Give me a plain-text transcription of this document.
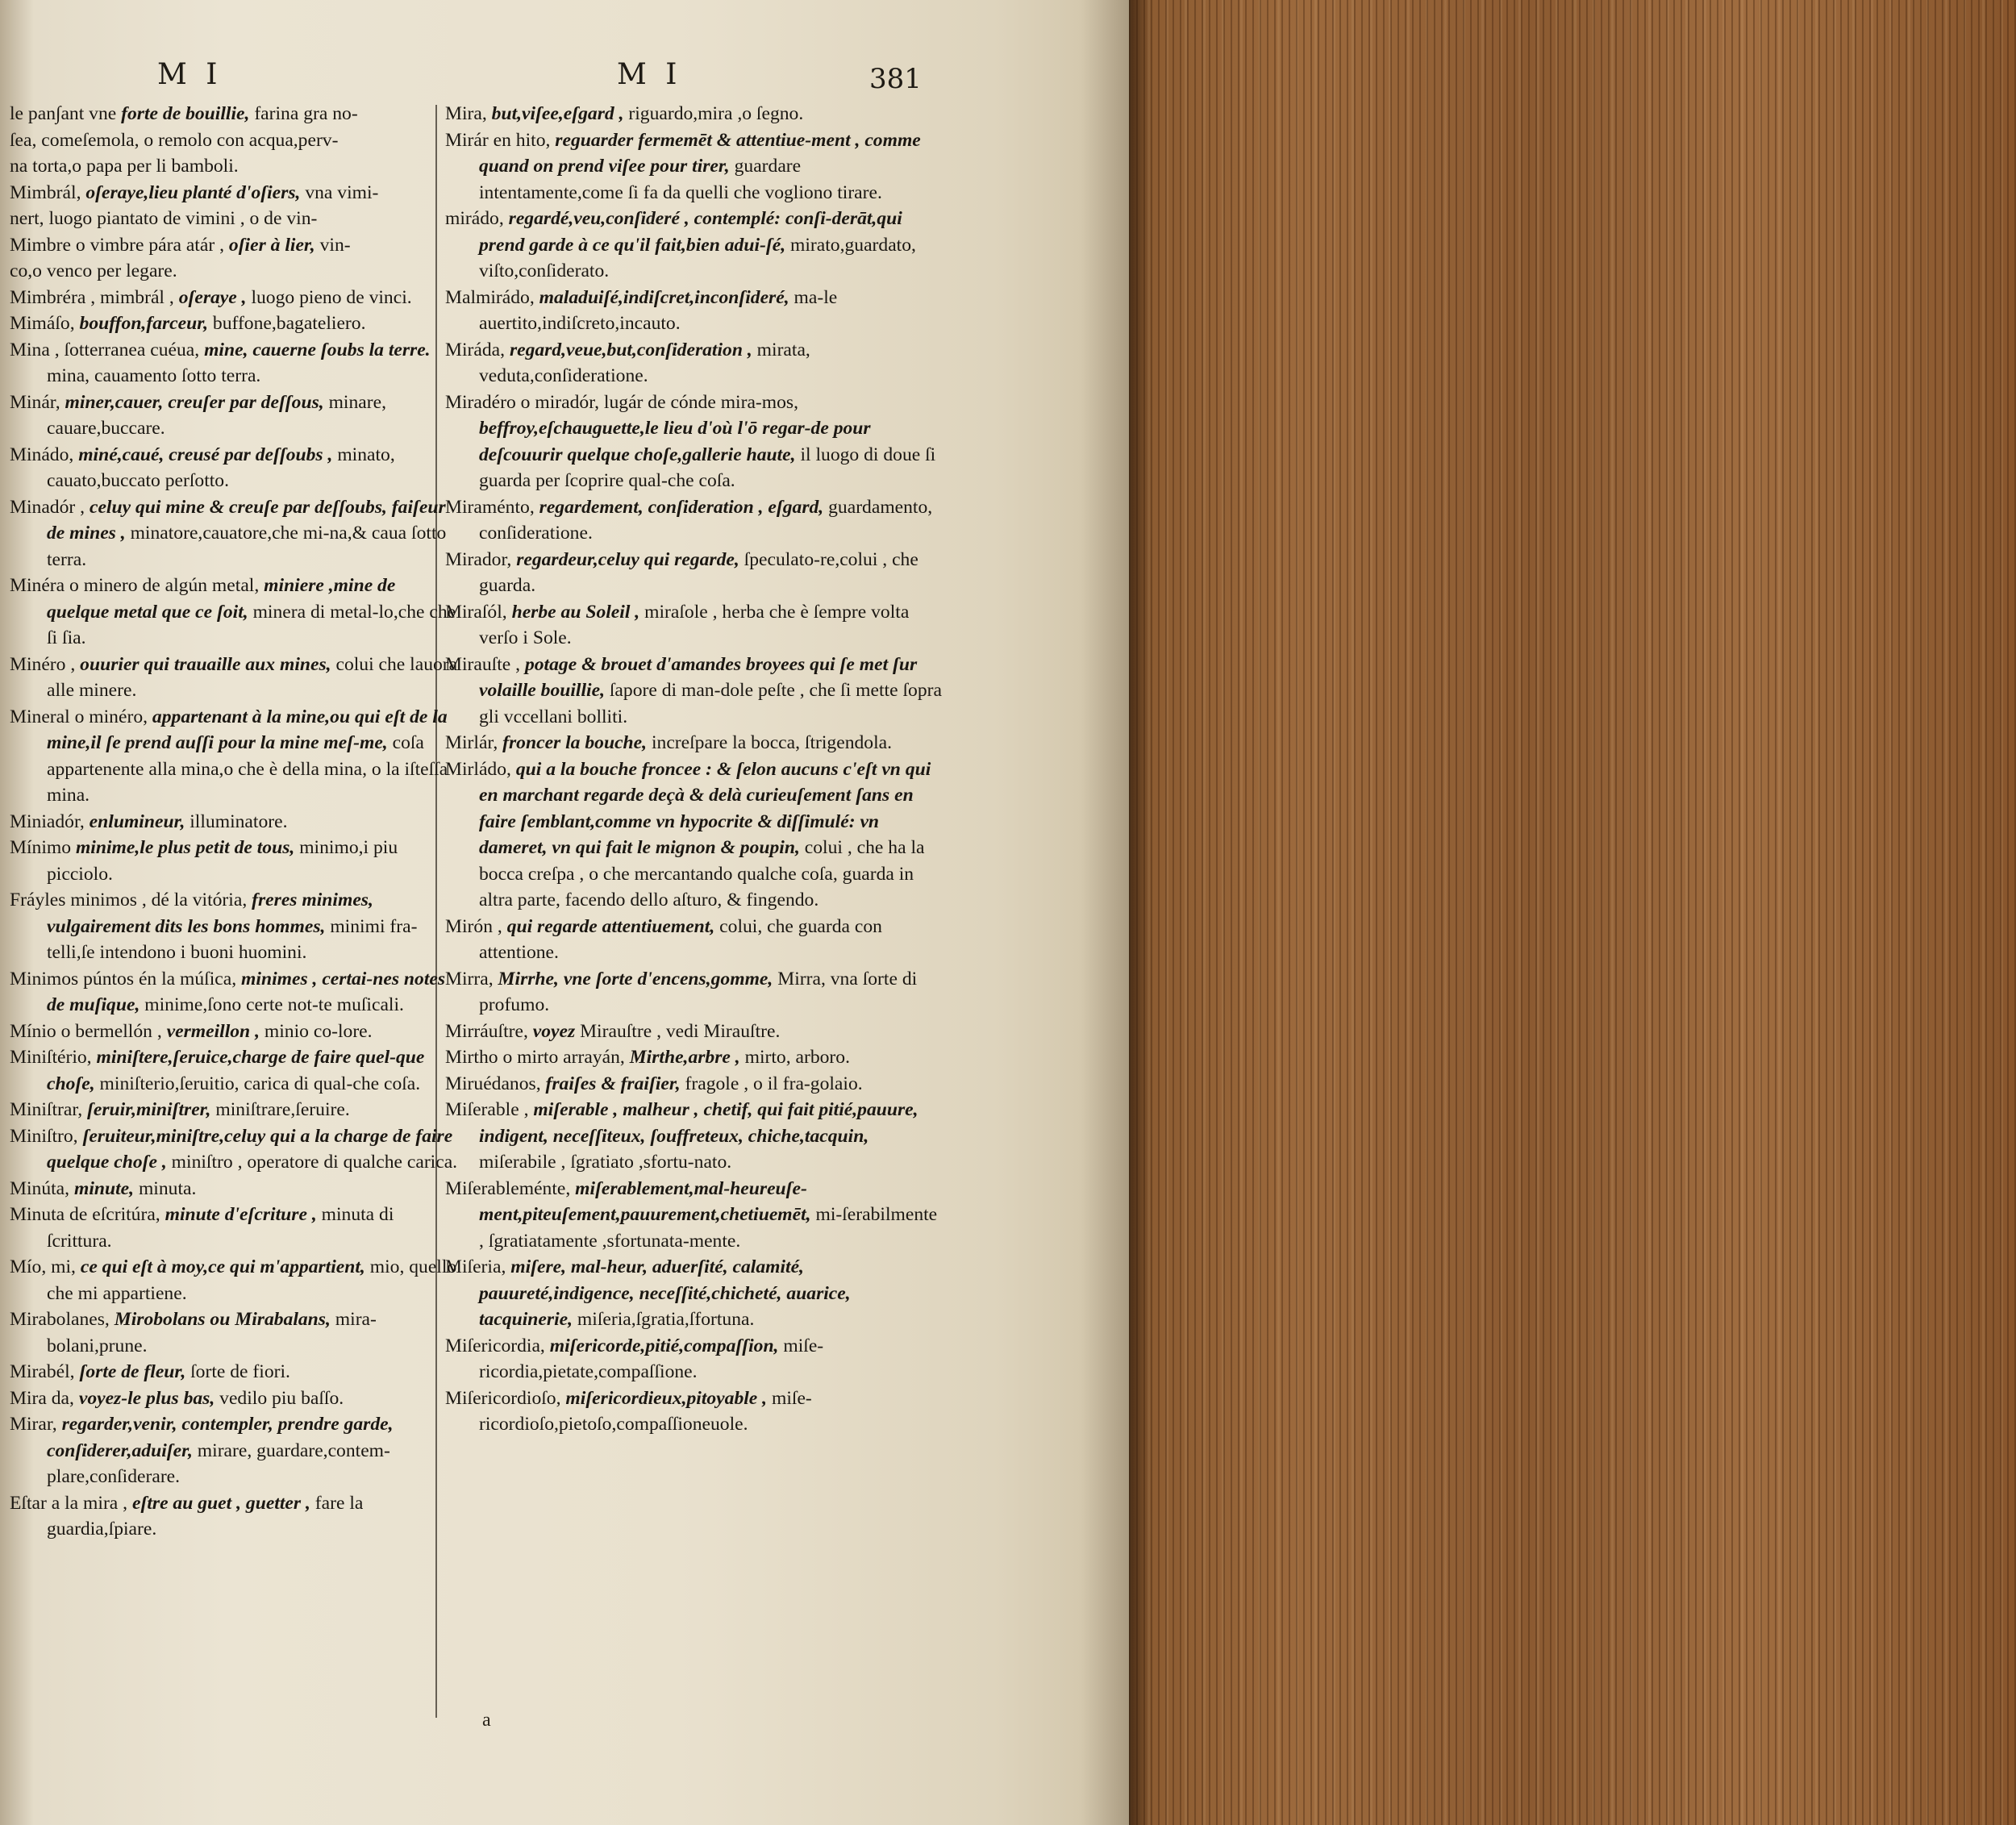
M I	M I	381

le pan∫ant vne forte de bouillie, farina gra no-

ſea, comeſemola, o remolo con acqua,perv-

na torta,o papa per li bamboli.

Mimbrál, oſeraye,lieu planté d'oſiers, vna vimi-

nert, luogo piantato de vimini , o de vin-

Mimbre o vimbre pára atár , oſier à lier, vin-

co,o venco per legare.

Mimbréra , mimbrál , oſeraye , luogo pieno de vinci.

Mimáſo, bouffon,farceur, buffone,bagateliero.

Mina , ſotterranea cuéua, mine, cauerne ſoubs la terre. mina, cauamento ſotto terra.

Minár, miner,cauer, creuſer par deſſous, minare, cauare,buccare.

Minádo, miné,caué, creusé par deſſoubs , minato, cauato,buccato perſotto.

Minadór , celuy qui mine & creuſe par deſſoubs, faiſeur de mines , minatore,cauatore,che mi-na,& caua ſotto terra.

Minéra o minero de algún metal, miniere ,mine de quelque metal que ce ſoit, minera di metal-lo,che che ſi ſia.

Minéro , ouurier qui trauaille aux mines, colui che lauora alle minere.

Mineral o minéro, appartenant à la mine,ou qui eſt de la mine,il ſe prend auſſi pour la mine meſ-me, coſa appartenente alla mina,o che è della mina, o la iſteſſa mina.

Miniadór, enlumineur, illuminatore.

Mínimo minime,le plus petit de tous, minimo,i piu picciolo.

Fráyles minimos , dé la vitória, freres minimes, vulgairement dits les bons hommes, minimi fra-telli,ſe intendono i buoni huomini.

Minimos púntos én la múſica, minimes , certai-nes notes de muſique, minime,ſono certe not-te muſicali.

Mínio o bermellón , vermeillon , minio co-lore.

Miniſtério, miniſtere,ſeruice,charge de faire quel-que choſe, miniſterio,ſeruitio, carica di qual-che coſa.

Miniſtrar, ſeruir,miniſtrer, miniſtrare,ſeruire.

Miniſtro, ſeruiteur,miniſtre,celuy qui a la charge de faire quelque choſe , miniſtro , operatore di qualche carica.

Minúta, minute, minuta.

Minuta de eſcritúra, minute d'eſcriture , minuta di ſcrittura.

Mío, mi, ce qui eſt à moy,ce qui m'appartient, mio, quello che mi appartiene.

Mirabolanes, Mirobolans ou Mirabalans, mira-bolani,prune.

Mirabél, ſorte de fleur, ſorte de fiori.

Mira da, voyez-le plus bas, vedilo piu baſſo.

Mirar, regarder,venir, contempler, prendre garde, conſiderer,aduiſer, mirare, guardare,contem-plare,conſiderare.

Eſtar a la mira , eſtre au guet , guetter , fare la guardia,ſpiare.

Mira, but,viſee,eſgard , riguardo,mira ,o ſegno.

Mirár en hito, reguarder fermemēt & attentiue-ment , comme quand on prend viſee pour tirer, guardare intentamente,come ſi fa da quelli che vogliono tirare.

mirádo, regardé,veu,conſideré , contemplé: conſi-derāt,qui prend garde à ce qu'il fait,bien adui-ſé, mirato,guardato, viſto,conſiderato.

Malmirádo, maladuiſé,indiſcret,inconſideré, ma-le auertito,indiſcreto,incauto.

Miráda, regard,veue,but,conſideration , mirata, veduta,conſideratione.

Miradéro o miradór, lugár de cónde mira-mos, beffroy,eſchauguette,le lieu d'où l'ō regar-de pour deſcouurir quelque choſe,gallerie haute, il luogo di doue ſi guarda per ſcoprire qual-che coſa.

Miraménto, regardement, conſideration , eſgard, guardamento, conſideratione.

Mirador, regardeur,celuy qui regarde, ſpeculato-re,colui , che guarda.

Miraſól, herbe au Soleil , miraſole , herba che è ſempre volta verſo i Sole.

Mirauſte , potage & brouet d'amandes broyees qui ſe met ſur volaille bouillie, ſapore di man-dole peſte , che ſi mette ſopra gli vccellani bolliti.

Mirlár, froncer la bouche, increſpare la bocca, ſtrigendola.

Mirládo, qui a la bouche froncee : & ſelon aucuns c'eſt vn qui en marchant regarde deçà & delà curieuſement ſans en faire ſemblant,comme vn hypocrite & diſſimulé: vn dameret, vn qui fait le mignon & poupin, colui , che ha la bocca creſpa , o che mercantando qualche coſa, guarda in altra parte, facendo dello aſturo, & fingendo.

Mirón , qui regarde attentiuement, colui, che guarda con attentione.

Mirra, Mirrhe, vne ſorte d'encens,gomme, Mirra, vna ſorte di profumo.

Mirráuſtre, voyez Mirauſtre , vedi Mirauſtre.

Mirtho o mirto arrayán, Mirthe,arbre , mirto, arboro.

Miruédanos, fraiſes & fraiſier, fragole , o il fra-golaio.

Miſerable , miſerable , malheur , chetif, qui fait pitié,pauure, indigent, neceſſiteux, ſouffreteux, chiche,tacquin, miſerabile , ſgratiato ,sfortu-nato.

Miſerableménte, miſerablement,mal-heureuſe-ment,piteuſement,pauurement,chetiuemēt, mi-ſerabilmente , ſgratiatamente ,sfortunata-mente.

Miſeria, miſere, mal-heur, aduerſité, calamité, pauureté,indigence, neceſſité,chicheté, auarice, tacquinerie, miſeria,ſgratia,ſfortuna.

Miſericordia, miſericorde,pitié,compaſſion, miſe-ricordia,pietate,compaſſione.

Miſericordioſo, miſericordieux,pitoyable , miſe-ricordioſo,pietoſo,compaſſioneuole.

a
